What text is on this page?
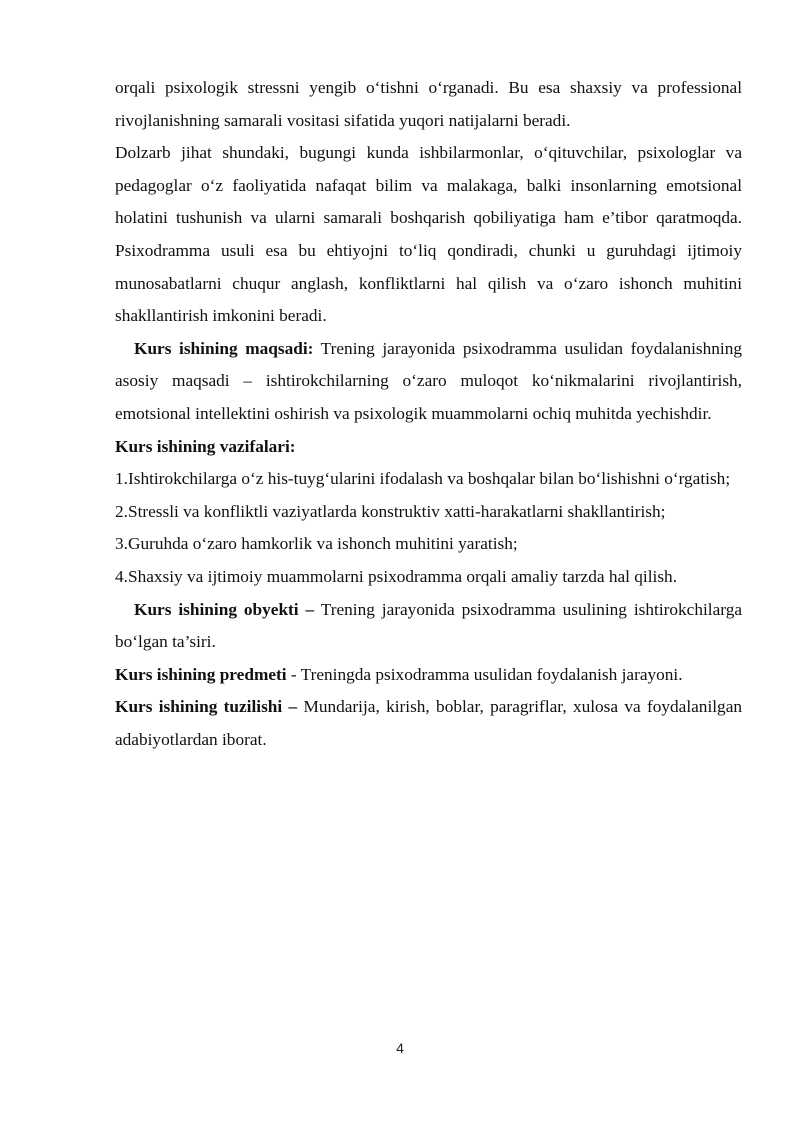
orqali psixologik stressni yengib o‘tishni o‘rganadi. Bu esa shaxsiy va professional rivojlanishning samarali vositasi sifatida yuqori natijalarni beradi.

Dolzarb jihat shundaki, bugungi kunda ishbilarmonlar, o‘qituvchilar, psixologlar va pedagoglar o‘z faoliyatida nafaqat bilim va malakaga, balki insonlarning emotsional holatini tushunish va ularni samarali boshqarish qobiliyatiga ham e’tibor qaratmoqda. Psixodramma usuli esa bu ehtiyojni to‘liq qondiradi, chunki u guruhdagi ijtimoiy munosabatlarni chuqur anglash, konfliktlarni hal qilish va o‘zaro ishonch muhitini shakllantirish imkonini beradi.

Kurs ishining maqsadi: Trening jarayonida psixodramma usulidan foydalanishning asosiy maqsadi – ishtirokchilarning o‘zaro muloqot ko‘nikmalarini rivojlantirish, emotsional intellektini oshirish va psixologik muammolarni ochiq muhitda yechishdir.

Kurs ishining vazifalari:

1.Ishtirokchilarga o‘z his-tuyg‘ularini ifodalash va boshqalar bilan bo‘lishishni o‘rgatish;

2.Stressli va konfliktli vaziyatlarda konstruktiv xatti-harakatlarni shakllantirish;

3.Guruhda o‘zaro hamkorlik va ishonch muhitini yaratish;

4.Shaxsiy va ijtimoiy muammolarni psixodramma orqali amaliy tarzda hal qilish.

Kurs ishining obyekti – Trening jarayonida psixodramma usulining ishtirokchilarga bo‘lgan ta’siri.

Kurs ishining predmeti - Treningda psixodramma usulidan foydalanish jarayoni.

Kurs ishining tuzilishi – Mundarija, kirish, boblar, paragriflar, xulosa va foydalanilgan adabiyotlardan iborat.

4
